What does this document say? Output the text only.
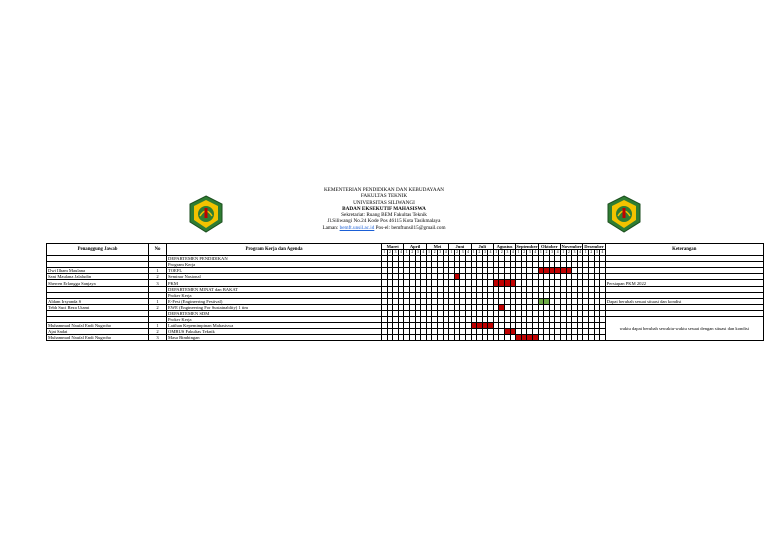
KEMENTERIAN PENDIDIKAN DAN KEBUDAYAAN
FAKULTAS TEKNIK
UNIVERSITAS SILIWANGI
BADAN EKSEKUTIF MAHASISWA
Sekretariat: Ruang BEM Fakultas Teknik
Jl.Siliwangi No.24 Kode Pos 46115 Kota Tasikmalaya
Laman: bemft.unsil.ac.id Pos-el: bemftunsil15@gmail.com
Penanggung Jawab	No	Program Kerja dan Agenda	Maret				April				Mei				Juni				Juli				Agustus				September				Oktober				November				Desember				Keterangan
			1	2	3	4	1	2	3	4	1	2	3	4	1	2	3	4	1	2	3	4	1	2	3	4	1	2	3	4	1	2	3	4	1	2	3	4	1	2	3	4	
		DEPARTEMEN PENDIDIKAN																																									
		Program Kerja																																									
Dwi Ilham Maulana	1	TOEFL																																									
Sani Maulana Jalaludin	2	Seminar Nasional																																									
Sherren Erlangga Sanjaya	3	PKM																																									Persiapan PKM 2022
		DEPARTEMEN MINAT dan BAKAT																																									
		Proker Kerja																																									
Aldam Irsyanda S	1	E-Fest (Engineering Festival)																																									Dapat berubah sesuai situasi dan kondisi
Tebh Suci Reza Utami	2	EWE (Engineering For Sustainablity) 1 tim																																									
		DEPARTEMEN SDM																																									
		Proker Kerja																																									waktu dapat berubah sewaktu-waktu sesuai dengan situasi dan kondisi
Muhammad Naufal Endi Nugroho	1	Latihan Kepemimpinan Mahasiswa																																									
Ajat Sadat	2	OMBUS Fakultas Teknik																																									
Muhammad Naufal Endi Nugroho	3	Masa Bimbingan																																									
